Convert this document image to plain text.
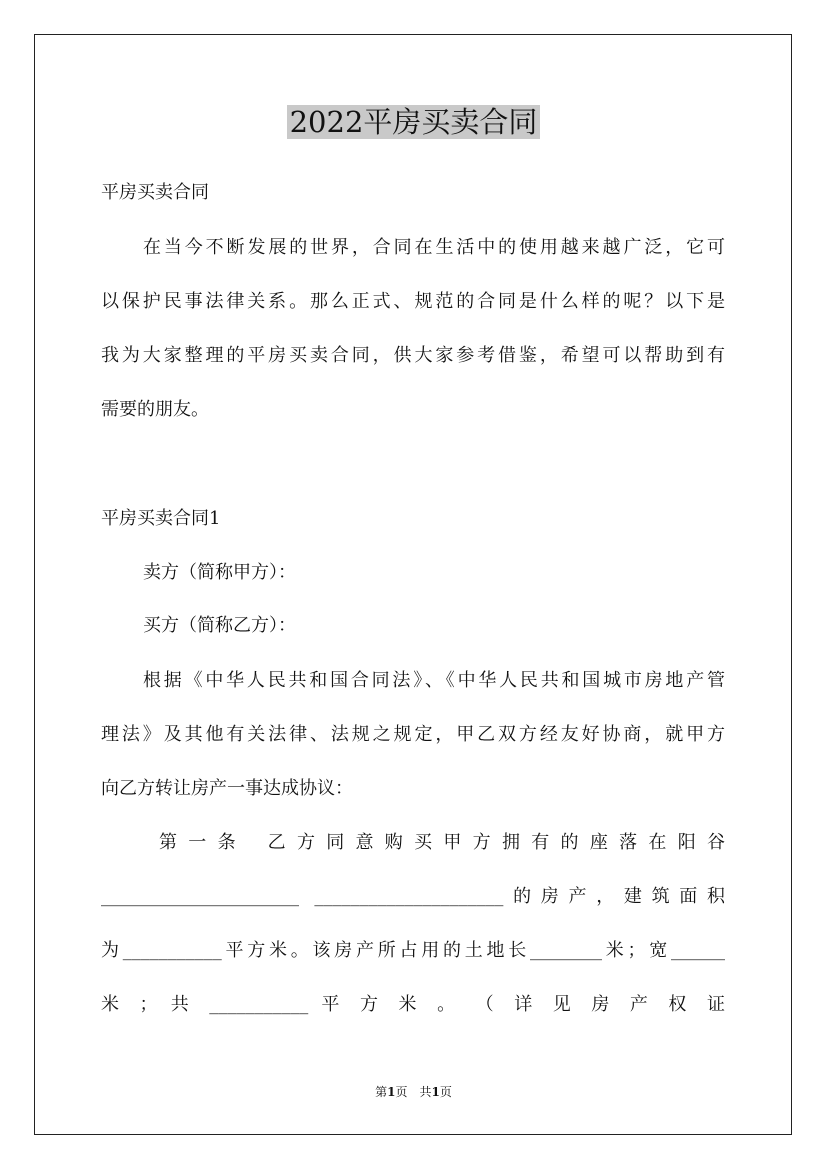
2022平房买卖合同
平房买卖合同
在当今不断发展的世界，合同在生活中的使用越来越广泛，它可
以保护民事法律关系。那么正式、规范的合同是什么样的呢？以下是
我为大家整理的平房买卖合同，供大家参考借鉴，希望可以帮助到有
需要的朋友。
平房买卖合同1
卖方（简称甲方）：
买方（简称乙方）：
根据《中华人民共和国合同法》、《中华人民共和国城市房地产管
理法》及其他有关法律、法规之规定，甲乙双方经友好协商，就甲方
向乙方转让房产一事达成协议：
第 一 条　 乙 方 同 意 购 买 甲 方 拥 有 的 座 落 在 阳 谷
______________________ _____________________的房产，建筑面积
为___________平方米。该房产所占用的土地长________米；宽______
米 ； 共 ___________ 平 方 米 。 （ 详 见 房 产 权 证
第1页　共1页
